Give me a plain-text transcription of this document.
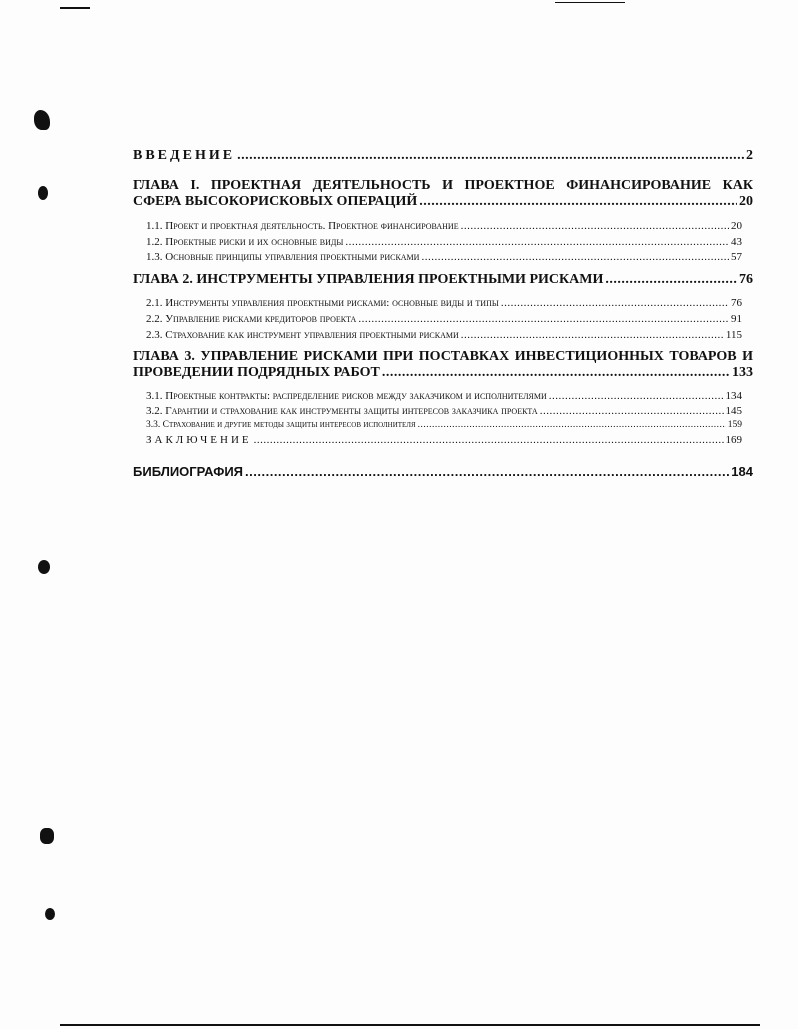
ВВЕДЕНИЕ .....	2
ГЛАВА I. ПРОЕКТНАЯ ДЕЯТЕЛЬНОСТЬ И ПРОЕКТНОЕ ФИНАНСИРОВАНИЕ КАК
СФЕРА ВЫСОКОРИСКОВЫХ ОПЕРАЦИЙ .....	20
1.1. Проект и проектная деятельность. Проектное финансирование .....	20
1.2. Проектные риски и их основные виды .....	43
1.3. Основные принципы управления проектными рисками .....	57
ГЛАВА 2. ИНСТРУМЕНТЫ УПРАВЛЕНИЯ ПРОЕКТНЫМИ РИСКАМИ .....	76
2.1. Инструменты управления проектными рисками: основные виды и типы .....	76
2.2. Управление рисками кредиторов проекта .....	91
2.3. Страхование как инструмент управления проектными рисками .....	115
ГЛАВА 3. УПРАВЛЕНИЕ РИСКАМИ ПРИ ПОСТАВКАХ ИНВЕСТИЦИОННЫХ ТОВАРОВ И
ПРОВЕДЕНИИ ПОДРЯДНЫХ РАБОТ .....	133
3.1. Проектные контракты: распределение рисков между заказчиком и исполнителями .....	134
3.2. Гарантии и страхование как инструменты защиты интересов заказчика проекта .....	145
3.3. Страхование и другие методы защиты интересов исполнителя .....	159
ЗАКЛЮЧЕНИЕ .....	169
БИБЛИОГРАФИЯ .....	184
